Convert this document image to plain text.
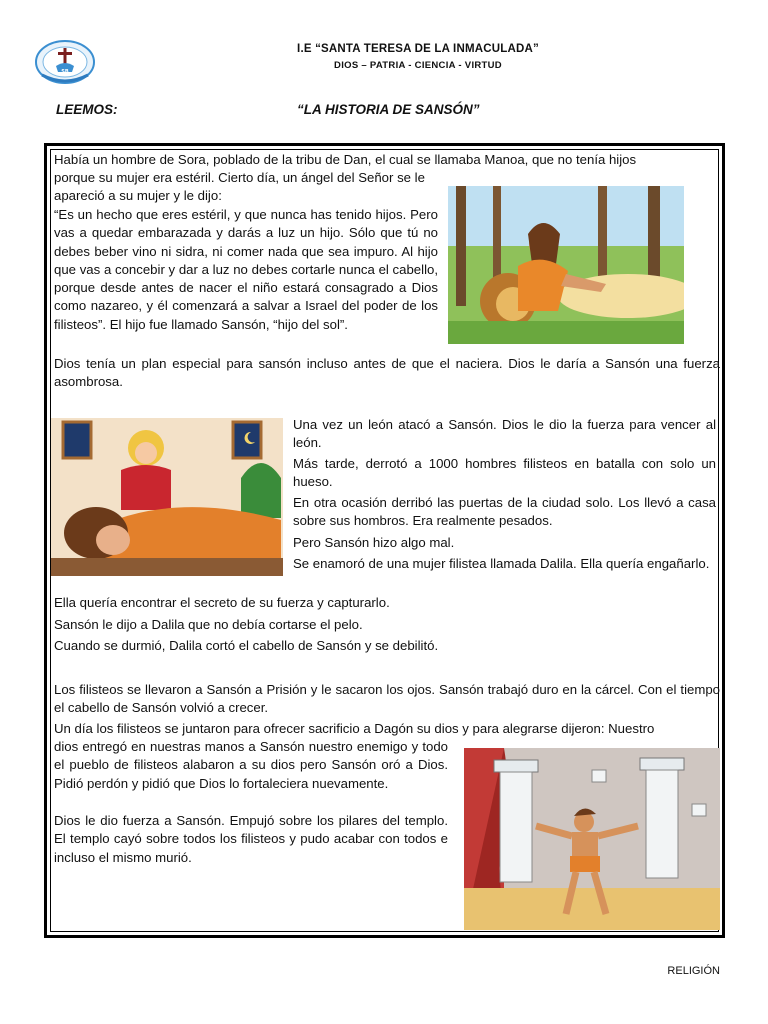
SB
I.E “SANTA TERESA DE LA INMACULADA”
DIOS – PATRIA - CIENCIA - VIRTUD
LEEMOS:	“LA HISTORIA DE SANSÓN”

Había un hombre de Sora, poblado de la tribu de Dan, el cual se llamaba Manoa, que no tenía hijos

porque su mujer era estéril. Cierto día, un ángel del Señor se le apareció a su mujer y le dijo:

“Es un hecho que eres estéril, y que nunca has tenido hijos. Pero vas a quedar embarazada y darás a luz un hijo. Sólo que tú no debes beber vino ni sidra, ni comer nada que sea impuro. Al hijo que vas a concebir y dar a luz no debes cortarle nunca el cabello, porque desde antes de nacer el niño estará consagrado a Dios como nazareo, y él comenzará a salvar a Israel del poder de los filisteos”. El hijo fue llamado Sansón, “hijo del sol”.

Dios tenía un plan especial para sansón incluso antes de que el naciera. Dios le daría a Sansón una fuerza asombrosa.

Una vez un león atacó a Sansón. Dios le dio la fuerza para vencer al león.

Más tarde, derrotó a 1000 hombres filisteos en batalla con solo un hueso.

En otra ocasión derribó las puertas de la ciudad solo. Los llevó a casa sobre sus hombros. Era realmente pesados.

Pero Sansón hizo algo mal.

Se enamoró de una mujer filistea llamada Dalila. Ella quería engañarlo.

Ella quería encontrar el secreto de su fuerza y capturarlo.

Sansón le dijo a Dalila que no debía cortarse el pelo.

Cuando se durmió, Dalila cortó el cabello de Sansón y se debilitó.

Los filisteos se llevaron a Sansón a Prisión y le sacaron los ojos. Sansón trabajó duro en la cárcel. Con el tiempo el cabello de Sansón volvió a crecer.

Un día los filisteos se juntaron para ofrecer sacrificio a Dagón su dios y para alegrarse dijeron: Nuestro

dios entregó en nuestras manos a Sansón nuestro enemigo y todo el pueblo de filisteos alabaron a su dios pero Sansón oró a Dios. Pidió perdón y pidió que Dios lo fortaleciera nuevamente.

Dios le dio fuerza a Sansón. Empujó sobre los pilares del templo. El templo cayó sobre todos los filisteos y pudo acabar con todos e incluso el mismo murió.

RELIGIÓN
